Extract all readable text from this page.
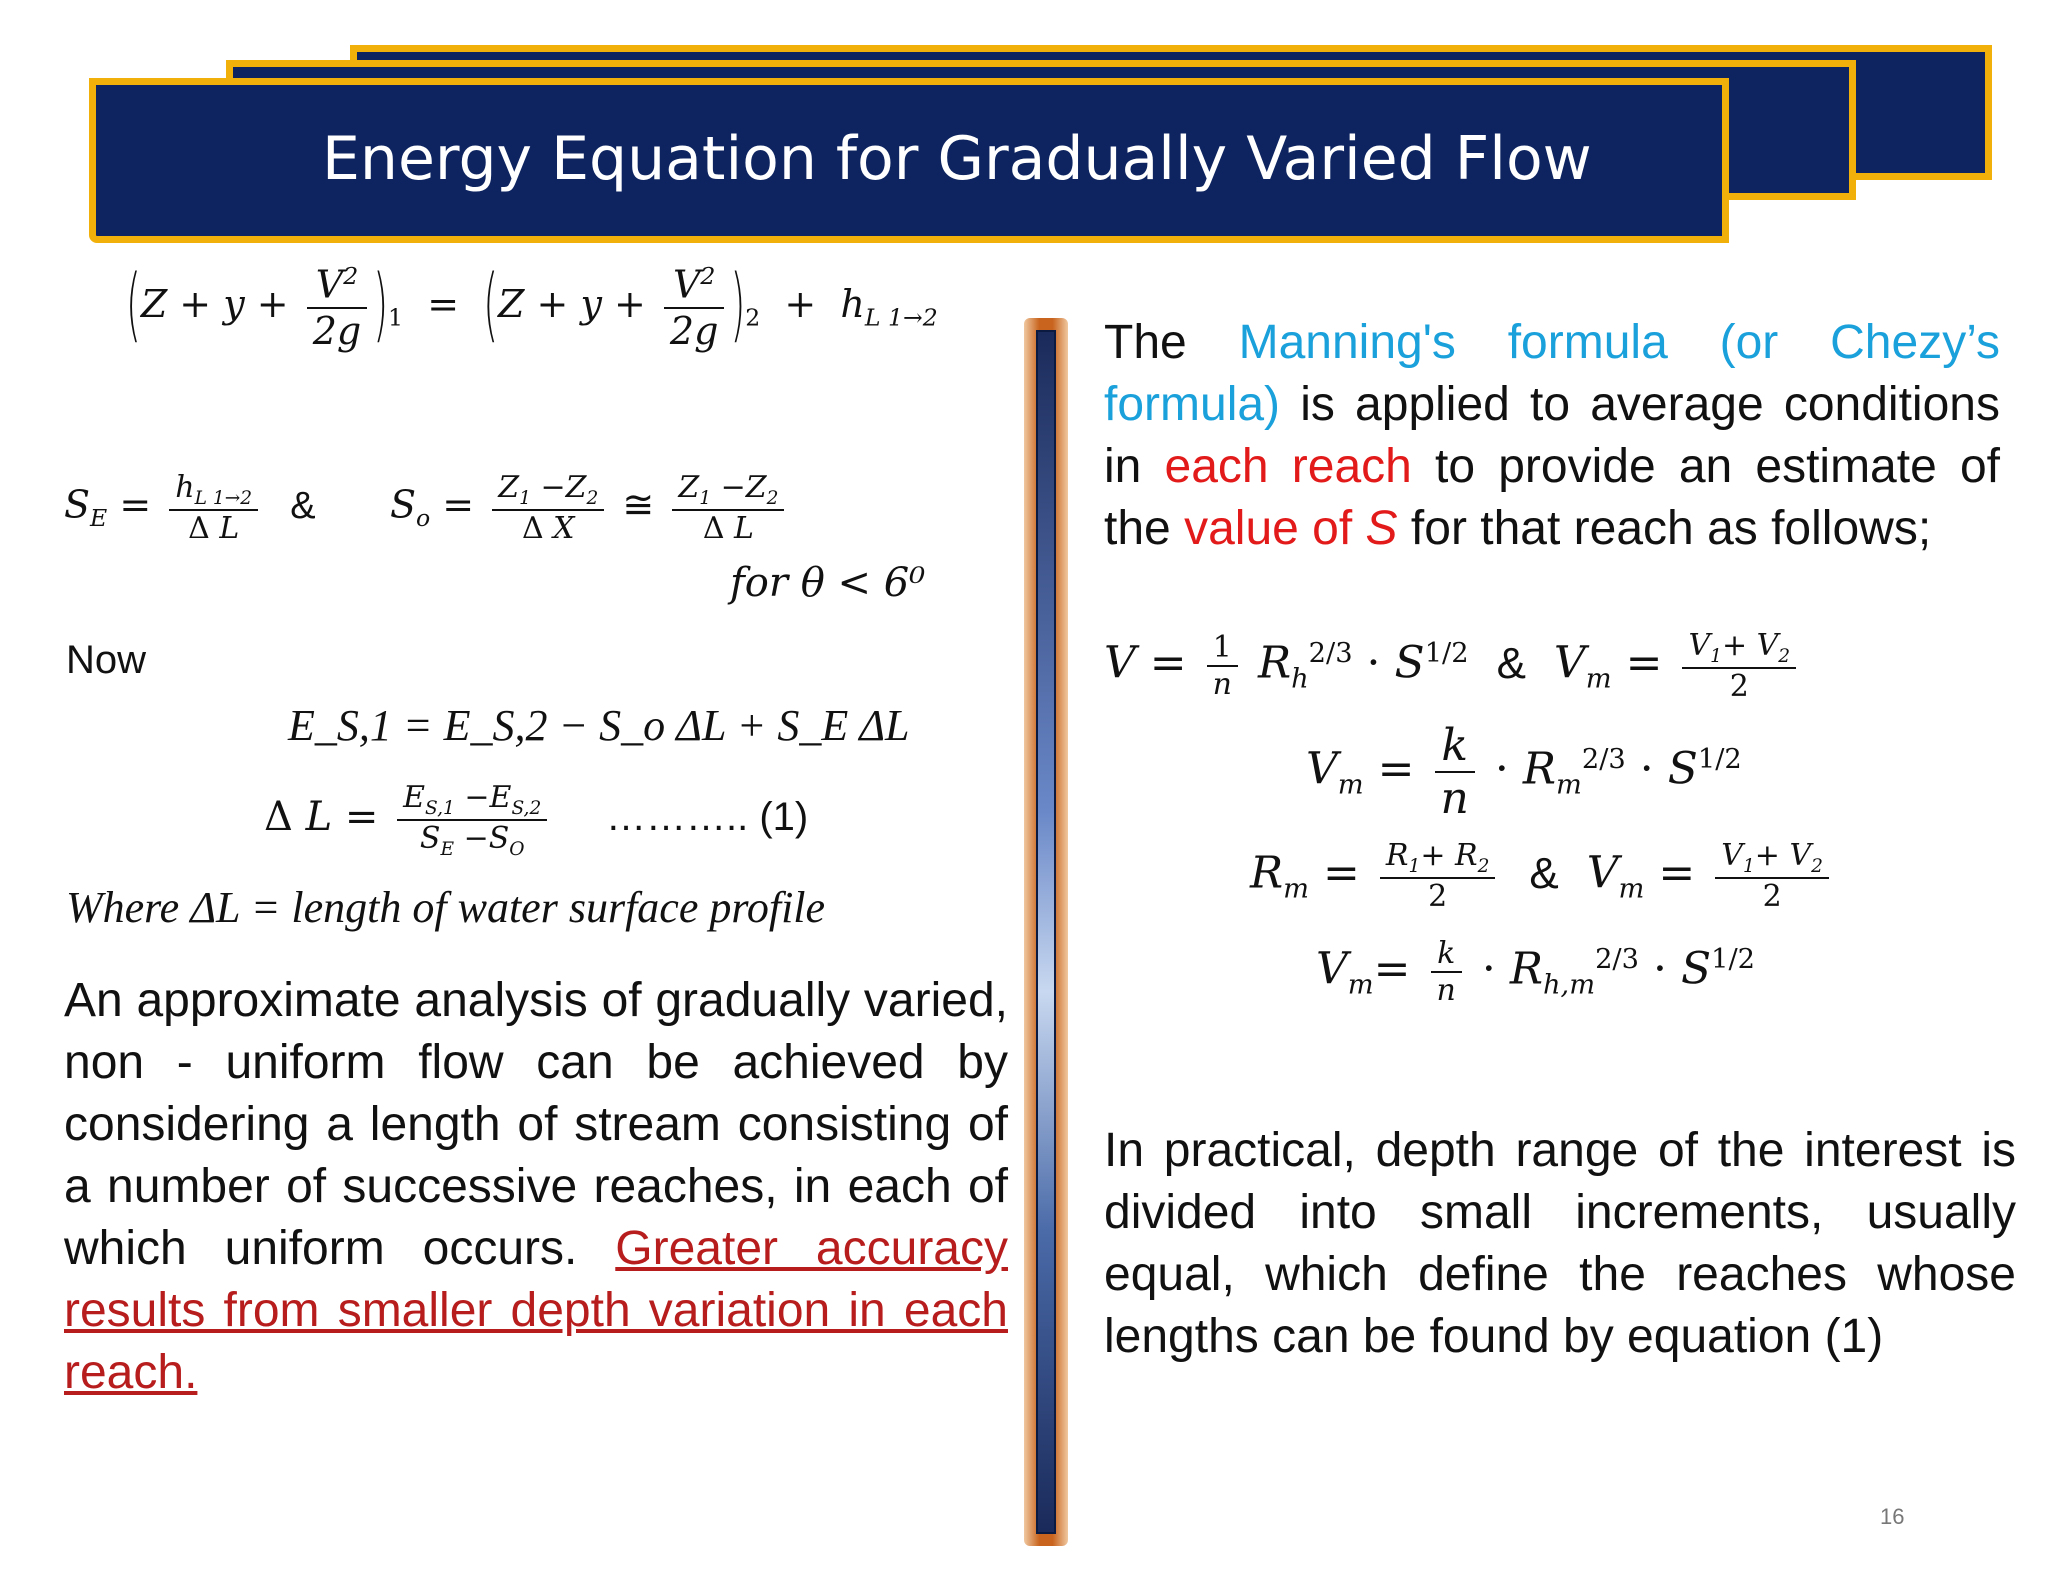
Energy Equation for Gradually Varied Flow
$(Z + y + \frac{V^2}{2g} )_1 = (Z + y + \frac{V^2}{2g} )_2 + h_{L 1\to 2}$
$S_E = \frac{h_{L 1\to 2}}{\text{Δ L}}$ &     $S_o = \frac{Z_1 -Z_2}{\text{Δ X}}$ ≅ $\frac{Z_1 -Z_2}{\text{Δ L}}$
for θ < 6⁰
Now
E_S,1 = E_S,2 − S_o ΔL + S_E ΔL
Δ $L = \frac{E_{S,1} -E_{S,2}}{S_E -S_O}$ ……….. (1)
Where ΔL = length of water surface profile
An approximate analysis of gradually varied, non - uniform flow can be achieved by considering a length of stream consisting of a number of successive reaches, in each of which uniform occurs. Greater accuracy results from smaller depth variation in each reach.
The Manning's formula (or Chezy’s formula) is applied to average conditions in each reach to provide an estimate of the value of S for that reach as follows;
$V = \frac{1}{n} R_h^{2/3} \cdot S^{1/2}$ & $V_m = \frac{V_1+ V_2}{2}$
$V_m = \frac{k}{n} \cdot R_m^{2/3} \cdot S^{1/2}$
$R_m = \frac{R_1+ R_2}{2}$ & $V_m = \frac{V_1+ V_2}{2}$
$V_m= \frac{k}{n} \cdot R_{h,m}^{2/3} \cdot S^{1/2}$
In practical, depth range of the interest is divided into small increments, usually equal, which define the reaches whose lengths can be found by equation (1)
16
